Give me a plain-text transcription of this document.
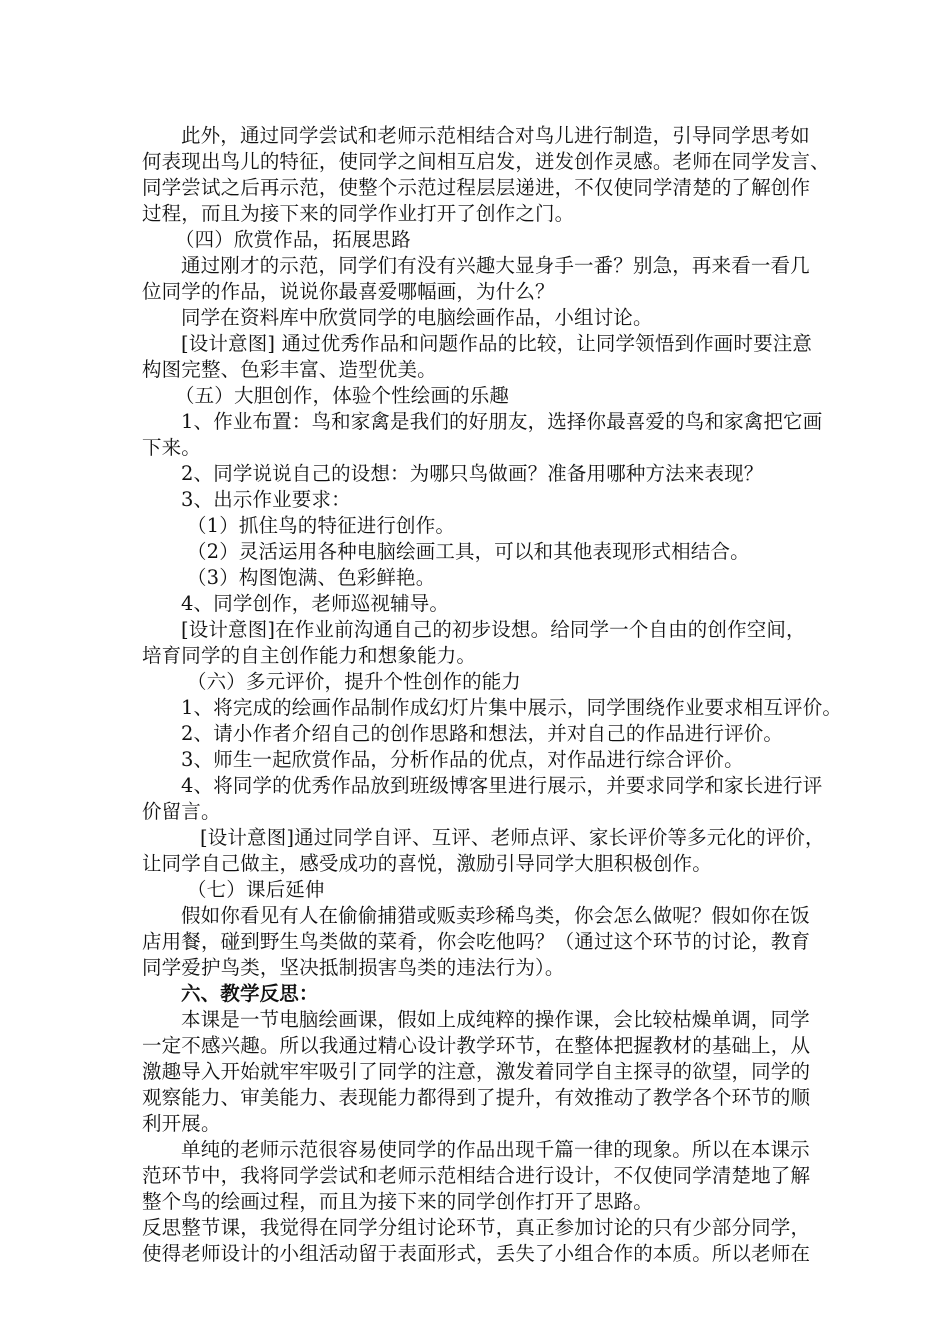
此外，通过同学尝试和老师示范相结合对鸟儿进行制造，引导同学思考如
何表现出鸟儿的特征，使同学之间相互启发，迸发创作灵感。老师在同学发言、
同学尝试之后再示范，使整个示范过程层层递进，不仅使同学清楚的了解创作
过程，而且为接下来的同学作业打开了创作之门。
（四）欣赏作品，拓展思路
通过刚才的示范，同学们有没有兴趣大显身手一番？别急，再来看一看几
位同学的作品，说说你最喜爱哪幅画，为什么？
同学在资料库中欣赏同学的电脑绘画作品，小组讨论。
[设计意图] 通过优秀作品和问题作品的比较，让同学领悟到作画时要注意
构图完整、色彩丰富、造型优美。
（五）大胆创作，体验个性绘画的乐趣
1、作业布置：鸟和家禽是我们的好朋友，选择你最喜爱的鸟和家禽把它画
下来。
2、同学说说自己的设想：为哪只鸟做画？准备用哪种方法来表现？
3、出示作业要求：
（1）抓住鸟的特征进行创作。
（2）灵活运用各种电脑绘画工具，可以和其他表现形式相结合。
（3）构图饱满、色彩鲜艳。
4、同学创作，老师巡视辅导。
[设计意图]在作业前沟通自己的初步设想。给同学一个自由的创作空间，
培育同学的自主创作能力和想象能力。
（六）多元评价，提升个性创作的能力
1、将完成的绘画作品制作成幻灯片集中展示，同学围绕作业要求相互评价。
2、请小作者介绍自己的创作思路和想法，并对自己的作品进行评价。
3、师生一起欣赏作品，分析作品的优点，对作品进行综合评价。
4、将同学的优秀作品放到班级博客里进行展示，并要求同学和家长进行评
价留言。
[设计意图]通过同学自评、互评、老师点评、家长评价等多元化的评价，
让同学自己做主，感受成功的喜悦，激励引导同学大胆积极创作。
（七）课后延伸
假如你看见有人在偷偷捕猎或贩卖珍稀鸟类，你会怎么做呢？假如你在饭
店用餐，碰到野生鸟类做的菜肴，你会吃他吗？（通过这个环节的讨论，教育
同学爱护鸟类，坚决抵制损害鸟类的违法行为）。
六、教学反思：
本课是一节电脑绘画课，假如上成纯粹的操作课，会比较枯燥单调，同学
一定不感兴趣。所以我通过精心设计教学环节，在整体把握教材的基础上，从
激趣导入开始就牢牢吸引了同学的注意，激发着同学自主探寻的欲望，同学的
观察能力、审美能力、表现能力都得到了提升，有效推动了教学各个环节的顺
利开展。
单纯的老师示范很容易使同学的作品出现千篇一律的现象。所以在本课示
范环节中，我将同学尝试和老师示范相结合进行设计，不仅使同学清楚地了解
整个鸟的绘画过程，而且为接下来的同学创作打开了思路。
反思整节课，我觉得在同学分组讨论环节，真正参加讨论的只有少部分同学，
使得老师设计的小组活动留于表面形式，丢失了小组合作的本质。所以老师在
